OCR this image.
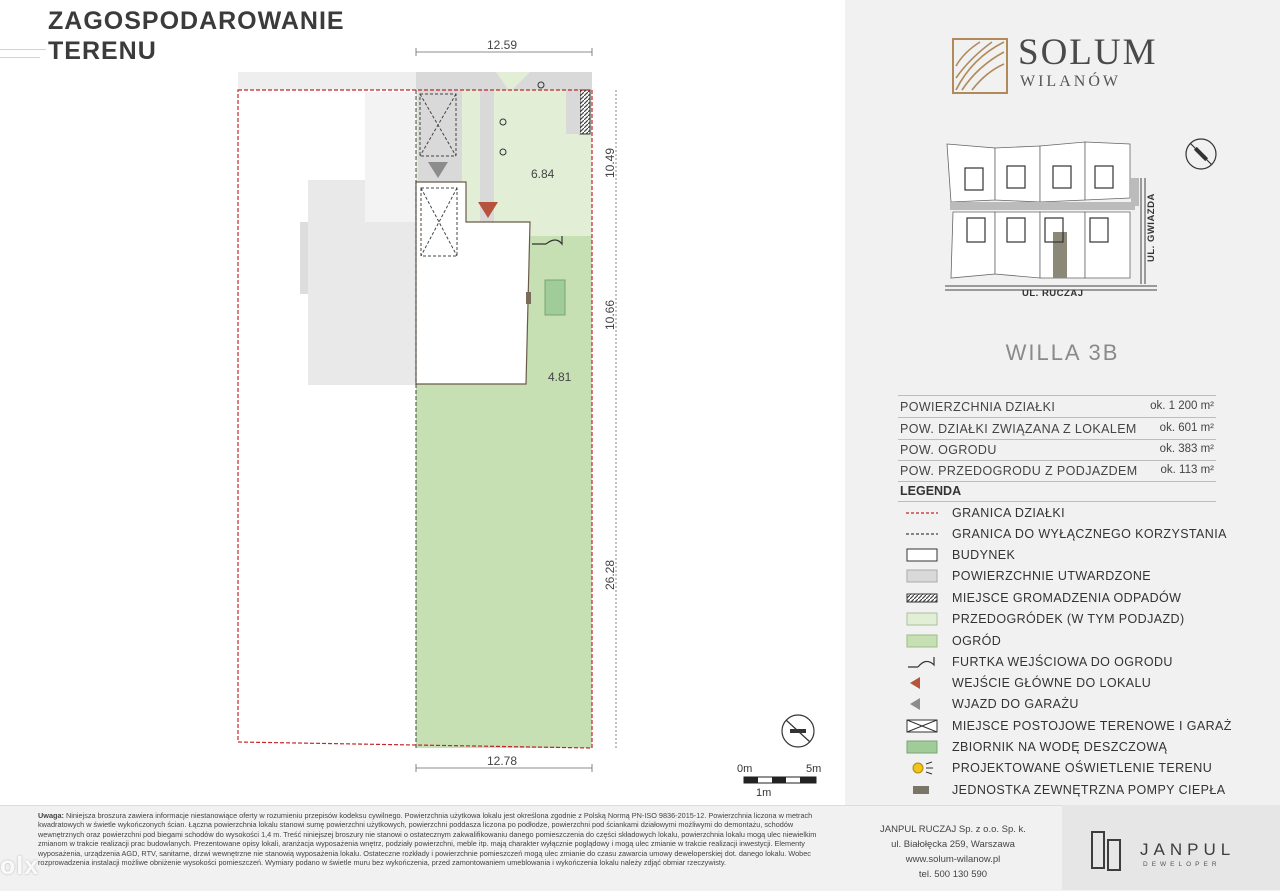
ZAGOSPODAROWANIE
TERENU	12.59
12.78
6.84
4.81
10.49
10.66
26.28
0m	5m
1m
SOLUM
WILANÓW
UL. RUCZAJ
UL. GWIAZDA
WILLA 3B
POWIERZCHNIA DZIAŁKI	ok. 1 200 m²
POW. DZIAŁKI ZWIĄZANA Z LOKALEM ok. 601 m²
POW. OGRODU	ok. 383 m²
POW. PRZEDOGRODU Z PODJAZDEM ok. 113 m²
LEGENDA
GRANICA DZIAŁKI
GRANICA DO WYŁĄCZNEGO KORZYSTANIA
BUDYNEK
POWIERZCHNIE UTWARDZONE
MIEJSCE GROMADZENIA ODPADÓW
PRZEDOGRÓDEK (W TYM PODJAZD)
OGRÓD
FURTKA WEJŚCIOWA DO OGRODU
WEJŚCIE GŁÓWNE DO LOKALU
WJAZD DO GARAŻU
MIEJSCE POSTOJOWE TERENOWE I GARAŻ
ZBIORNIK NA WODĘ DESZCZOWĄ
PROJEKTOWANE OŚWIETLENIE TERENU
JEDNOSTKA ZEWNĘTRZNA POMPY CIEPŁA
Uwaga: Niniejsza broszura zawiera informacje niestanowiące oferty w rozumieniu przepisów kodeksu cywilnego. Powierzchnia użytkowa lokalu jest określona zgodnie z Polską Normą PN-ISO 9836-2015-12. Powierzchnia liczona w metrach kwadratowych w świetle wykończonych ścian. Łączna powierzchnia lokalu stanowi sumę powierzchni użytkowych, powierzchni poddasza liczona po podłodze, powierzchni pod ściankami działowymi możliwymi do demontażu, schodów wewnętrznych oraz powierzchni pod biegami schodów do wysokości 1,4 m. Treść niniejszej broszury nie stanowi o ostatecznym zakwalifikowaniu danego pomieszczenia do części składowych lokalu, powierzchnia lokalu mogą ulec niewielkim zmianom w trakcie realizacji prac budowlanych. Prezentowane opisy lokali, aranżacja wyposażenia wnętrz, podziały powierzchni, meble itp. mają charakter wyłącznie poglądowy i mogą ulec zmianie w trakcie realizacji inwestycji. Elementy wyposażenia, urządzenia AGD, RTV, sanitarne, drzwi wewnętrzne nie stanowią wyposażenia lokalu. Ostateczne rozkłady i powierzchnie pomieszczeń mogą ulec zmianie do czasu zawarcia umowy deweloperskiej dot. danego lokalu. Wobec rozprowadzenia instalacji możliwe obniżenie wysokości pomieszczeń. Wymiary podano w świetle muru bez wykończenia, przed zamontowaniem umeblowania i wykończenia lokalu należy zdjąć obmiar rzeczywisty.
JANPUL RUCZAJ Sp. z o.o. Sp. k.
ul. Białołęcka 259, Warszawa
www.solum-wilanow.pl
tel. 500 130 590
JANPUL
DEWELOPER
olx
